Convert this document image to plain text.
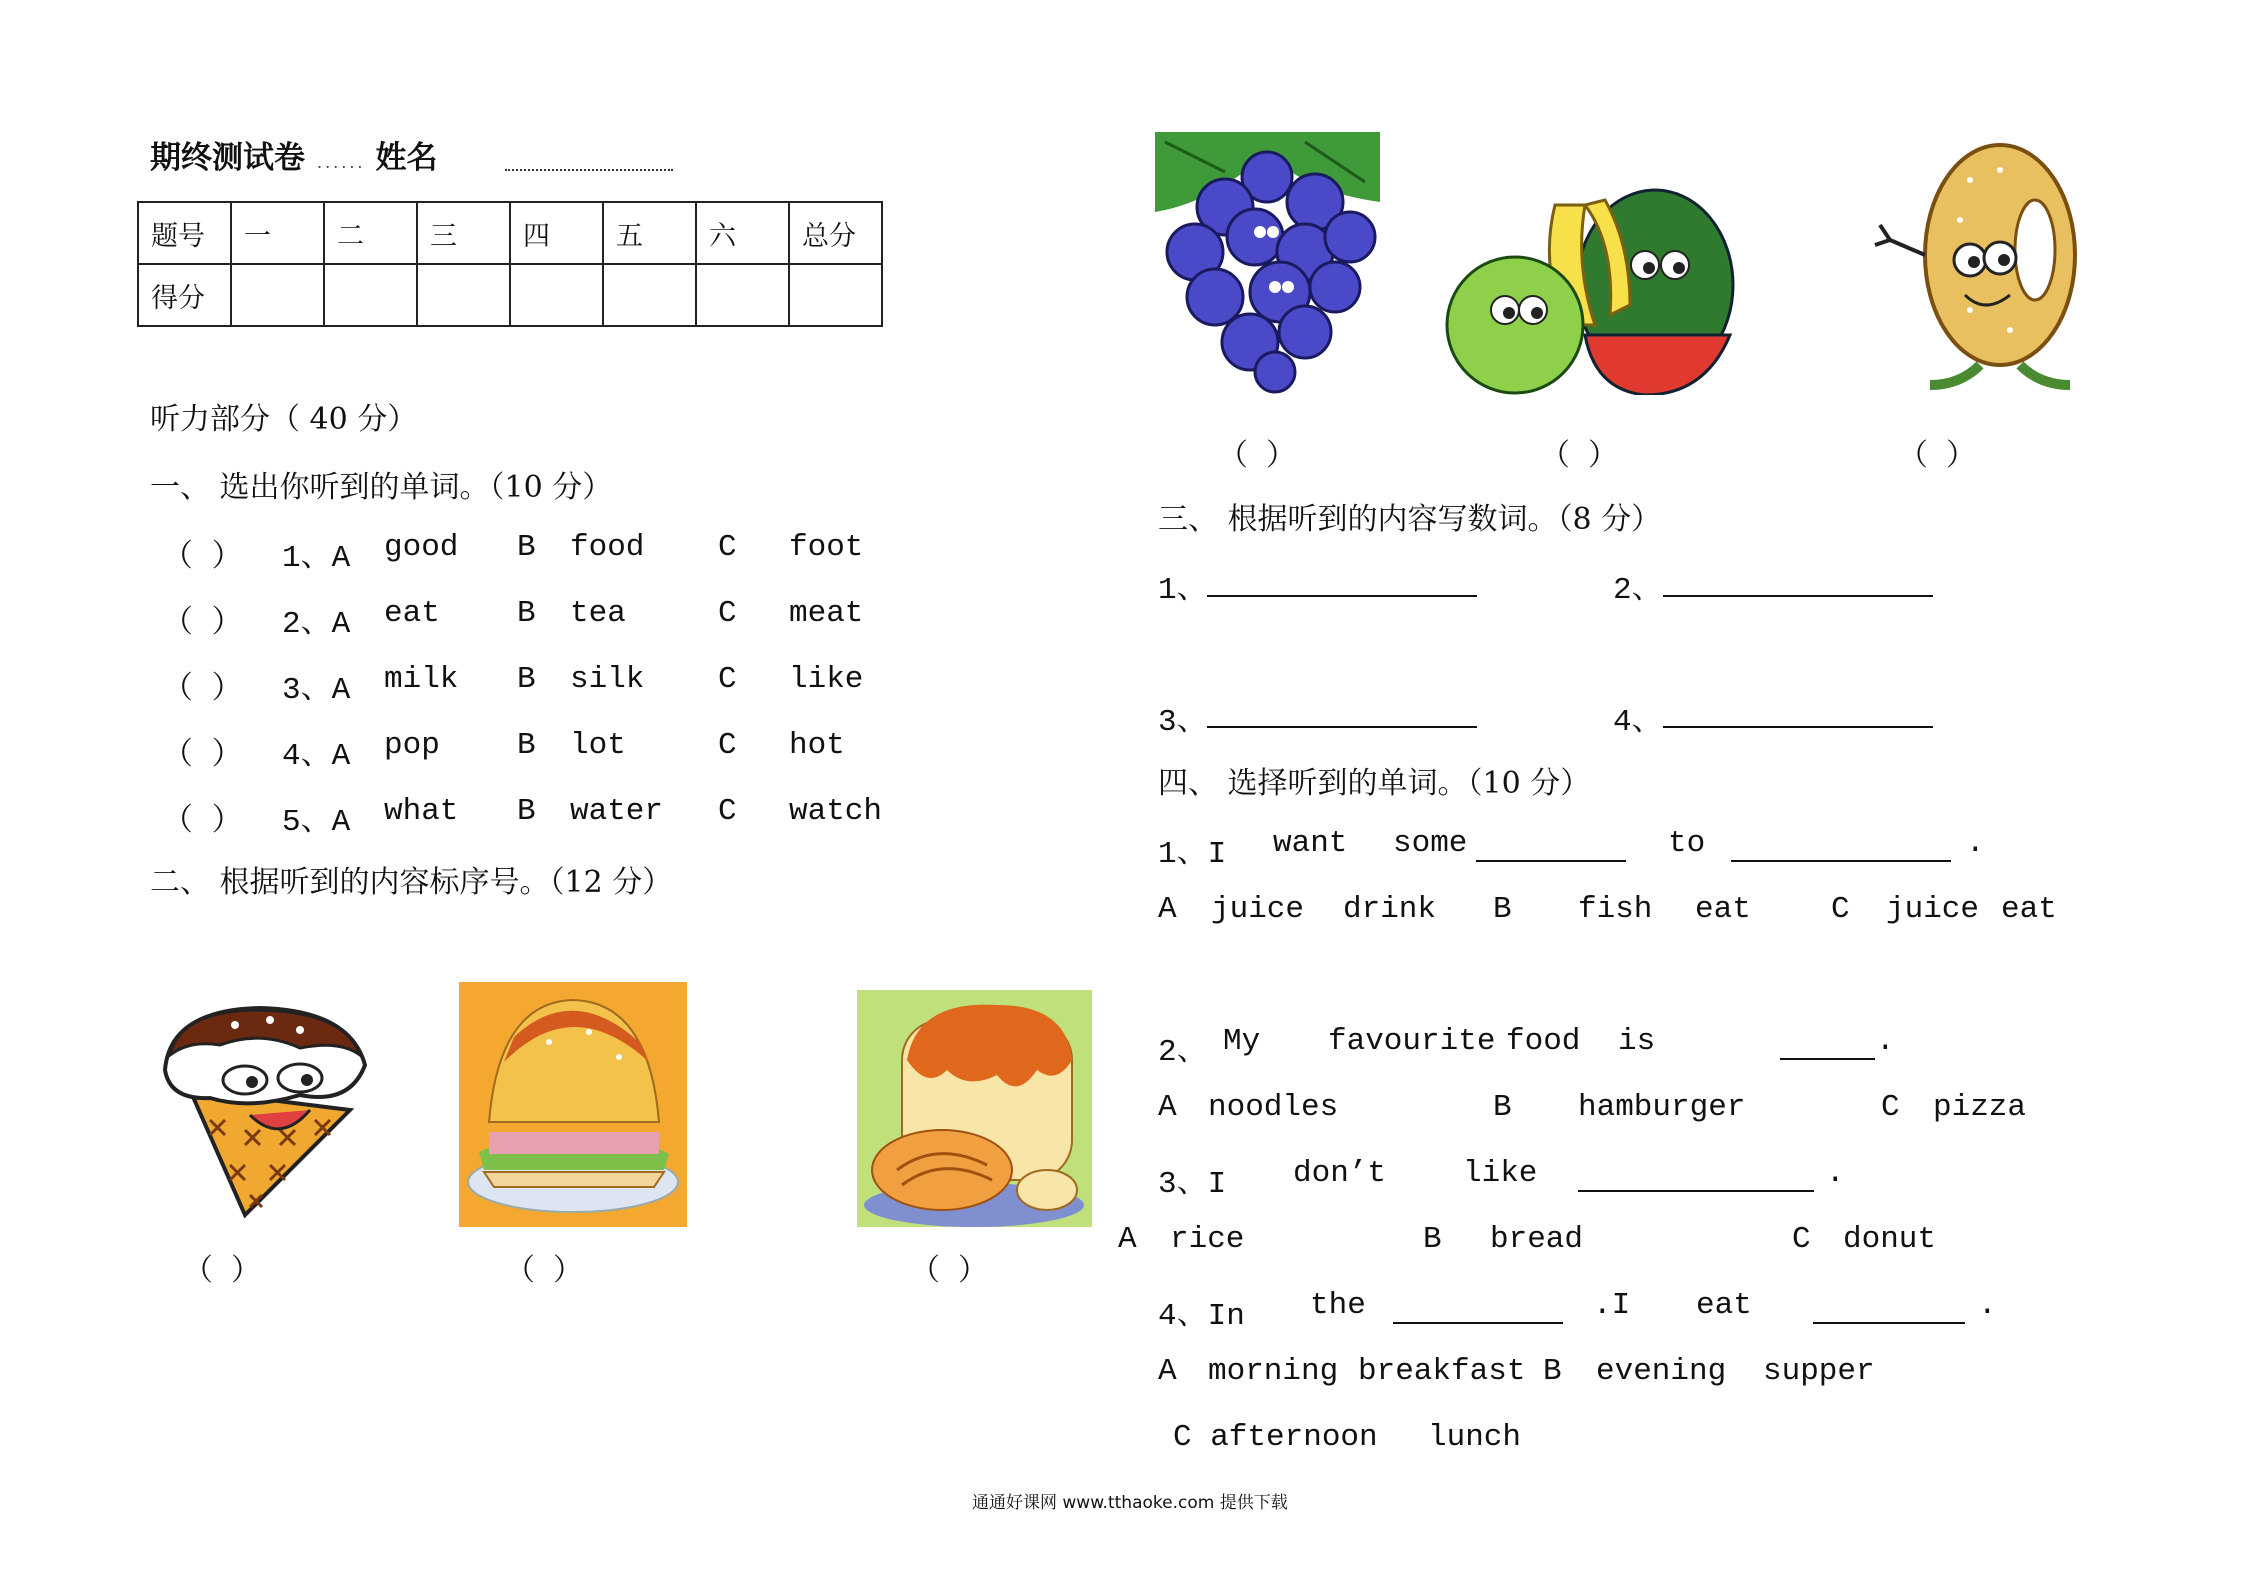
期终测试卷 ...... 姓名
题号	一	二	三	四	五	六	总分
得分							
听力部分（ 40 分）
一、 选出你听到的单词。（10 分）
（ ） 1、A good B food C foot
（ ） 2、A eat B tea	C meat
（ ） 3、A milk B silk C like
（ ） 4、A pop B lot	C hot
（ ） 5、A what B water C watch
二、 根据听到的内容标序号。（12 分）
（ ）	（ ）	（ ）
（ ）	（ ）	（ ）
三、 根据听到的内容写数词。（8 分）
1、	2、
3、	4、
四、 选择听到的单词。（10 分）
1、I want some	to	.
A juice drink B fish eat	C juice eat
2、 My favourite food is	.
A noodles	B hamburger	C pizza
3、I don’t like	.
A rice	B bread	C donut
4、In the	.I eat	.
A morning breakfast B evening supper
C afternoon lunch
通通好课网 www.tthaoke.com 提供下载
